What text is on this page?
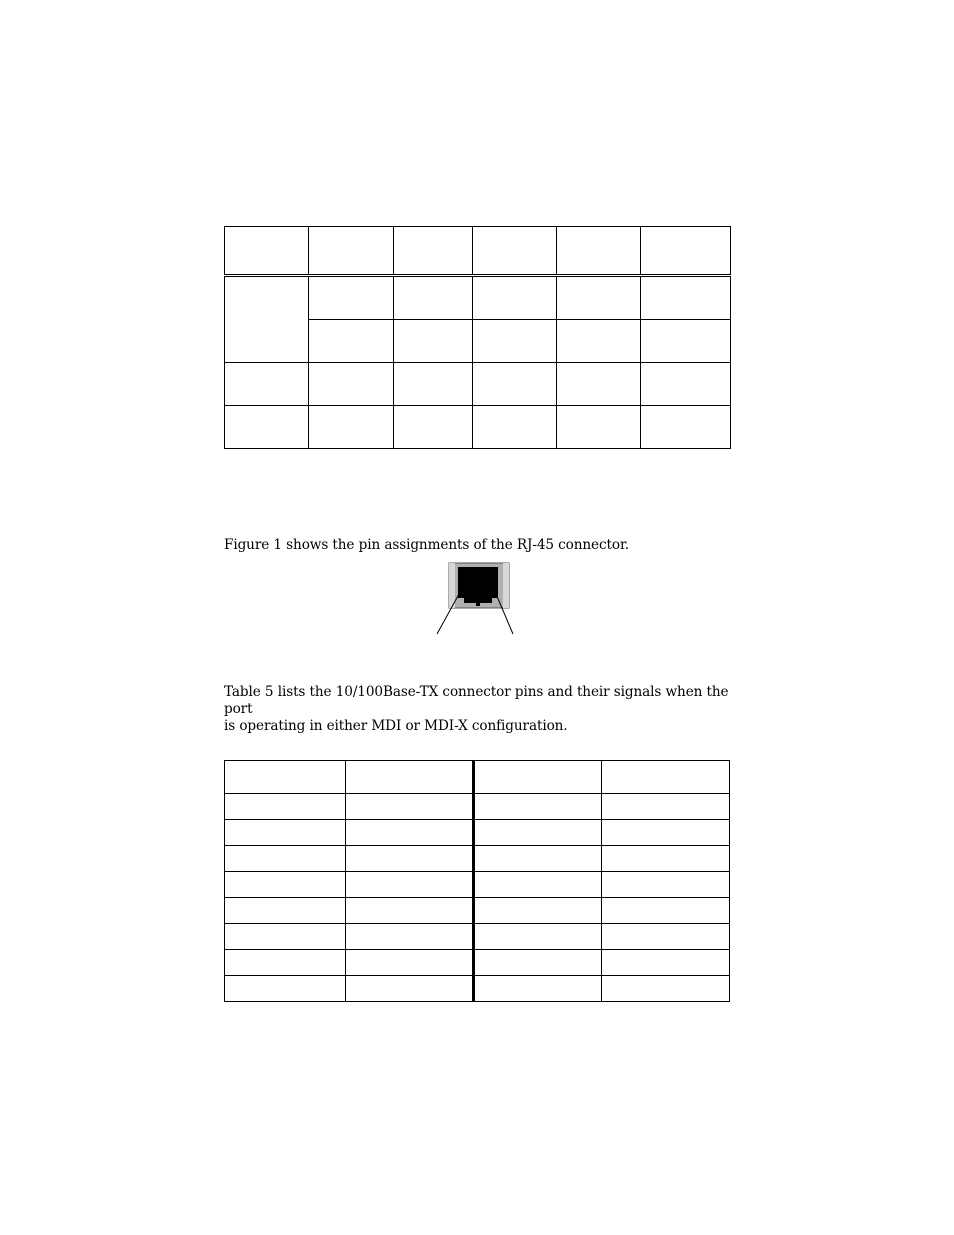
Figure 1 shows the pin assignments of the RJ-45 connector.

Table 5 lists the 10/100Base-TX connector pins and their signals when the port
is operating in either MDI or MDI-X configuration.
